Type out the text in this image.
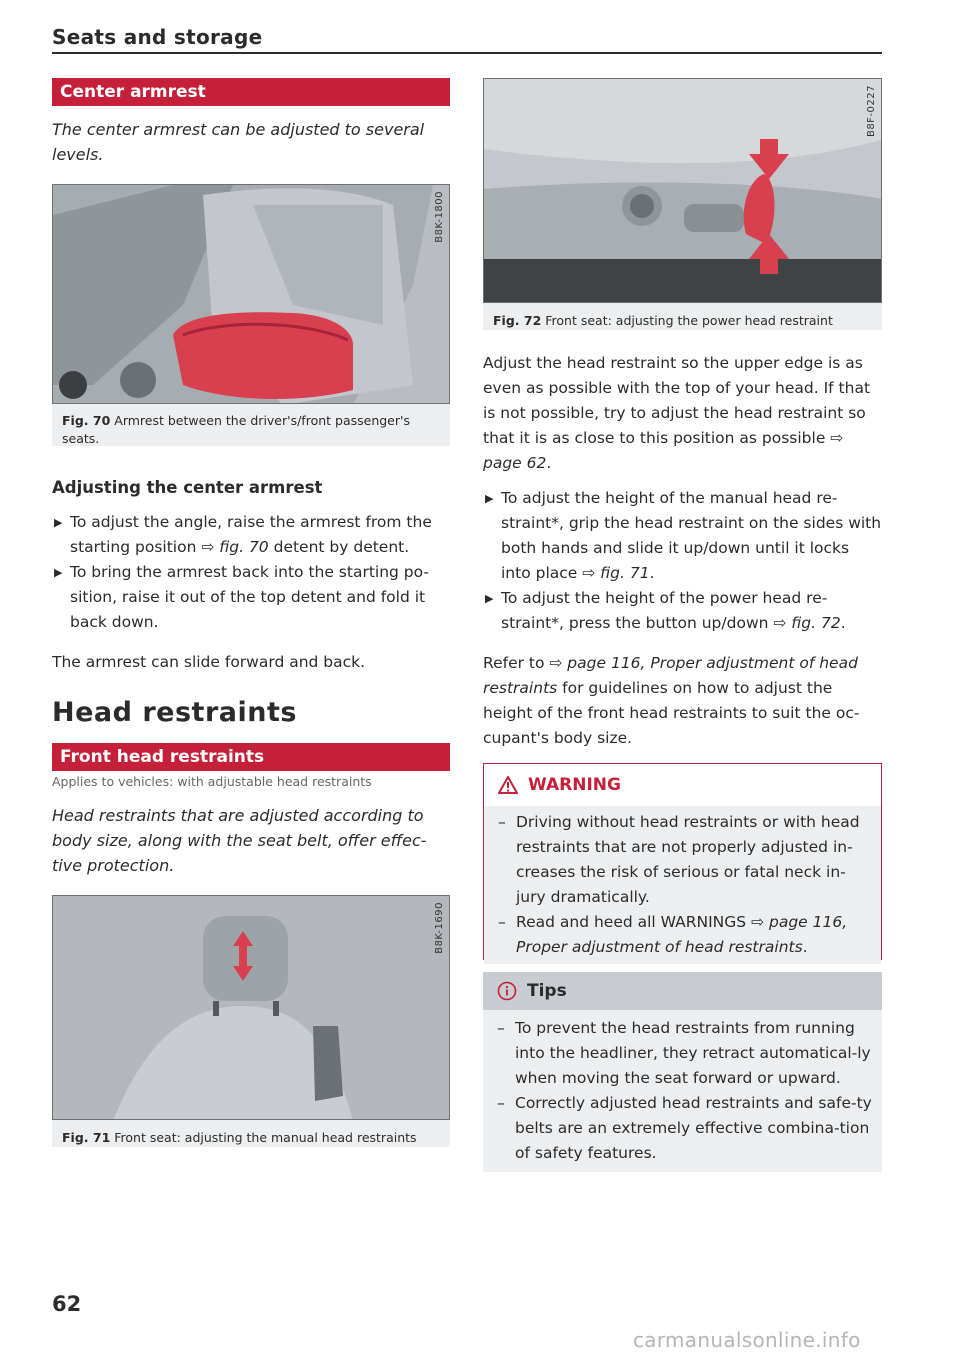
Seats and storage
Center armrest
The center armrest can be adjusted to several levels.
B8K-1800
Fig. 70 Armrest between the driver's/front passenger's seats.
Adjusting the center armrest
▶ To adjust the angle, raise the armrest from the starting position ⇨ fig. 70 detent by detent.
▶ To bring the armrest back into the starting po-sition, raise it out of the top detent and fold it back down.
The armrest can slide forward and back.
Head restraints
Front head restraints
Applies to vehicles: with adjustable head restraints
Head restraints that are adjusted according to body size, along with the seat belt, offer effec-tive protection.
B8K-1690
Fig. 71 Front seat: adjusting the manual head restraints
62
B8F-0227
Fig. 72 Front seat: adjusting the power head restraint
Adjust the head restraint so the upper edge is as even as possible with the top of your head. If that is not possible, try to adjust the head restraint so that it is as close to this position as possible ⇨ page 62.
▶ To adjust the height of the manual head re-straint*, grip the head restraint on the sides with both hands and slide it up/down until it locks into place ⇨ fig. 71.
▶ To adjust the height of the power head re-straint*, press the button up/down ⇨ fig. 72.
Refer to ⇨ page 116, Proper adjustment of head restraints for guidelines on how to adjust the height of the front head restraints to suit the oc-cupant's body size.
WARNING
– Driving without head restraints or with head restraints that are not properly adjusted in-creases the risk of serious or fatal neck in-jury dramatically.
– Read and heed all WARNINGS ⇨ page 116, Proper adjustment of head restraints.
Tips
– To prevent the head restraints from running into the headliner, they retract automatical-ly when moving the seat forward or upward.
– Correctly adjusted head restraints and safe-ty belts are an extremely effective combina-tion of safety features.
carmanualsonline.info
